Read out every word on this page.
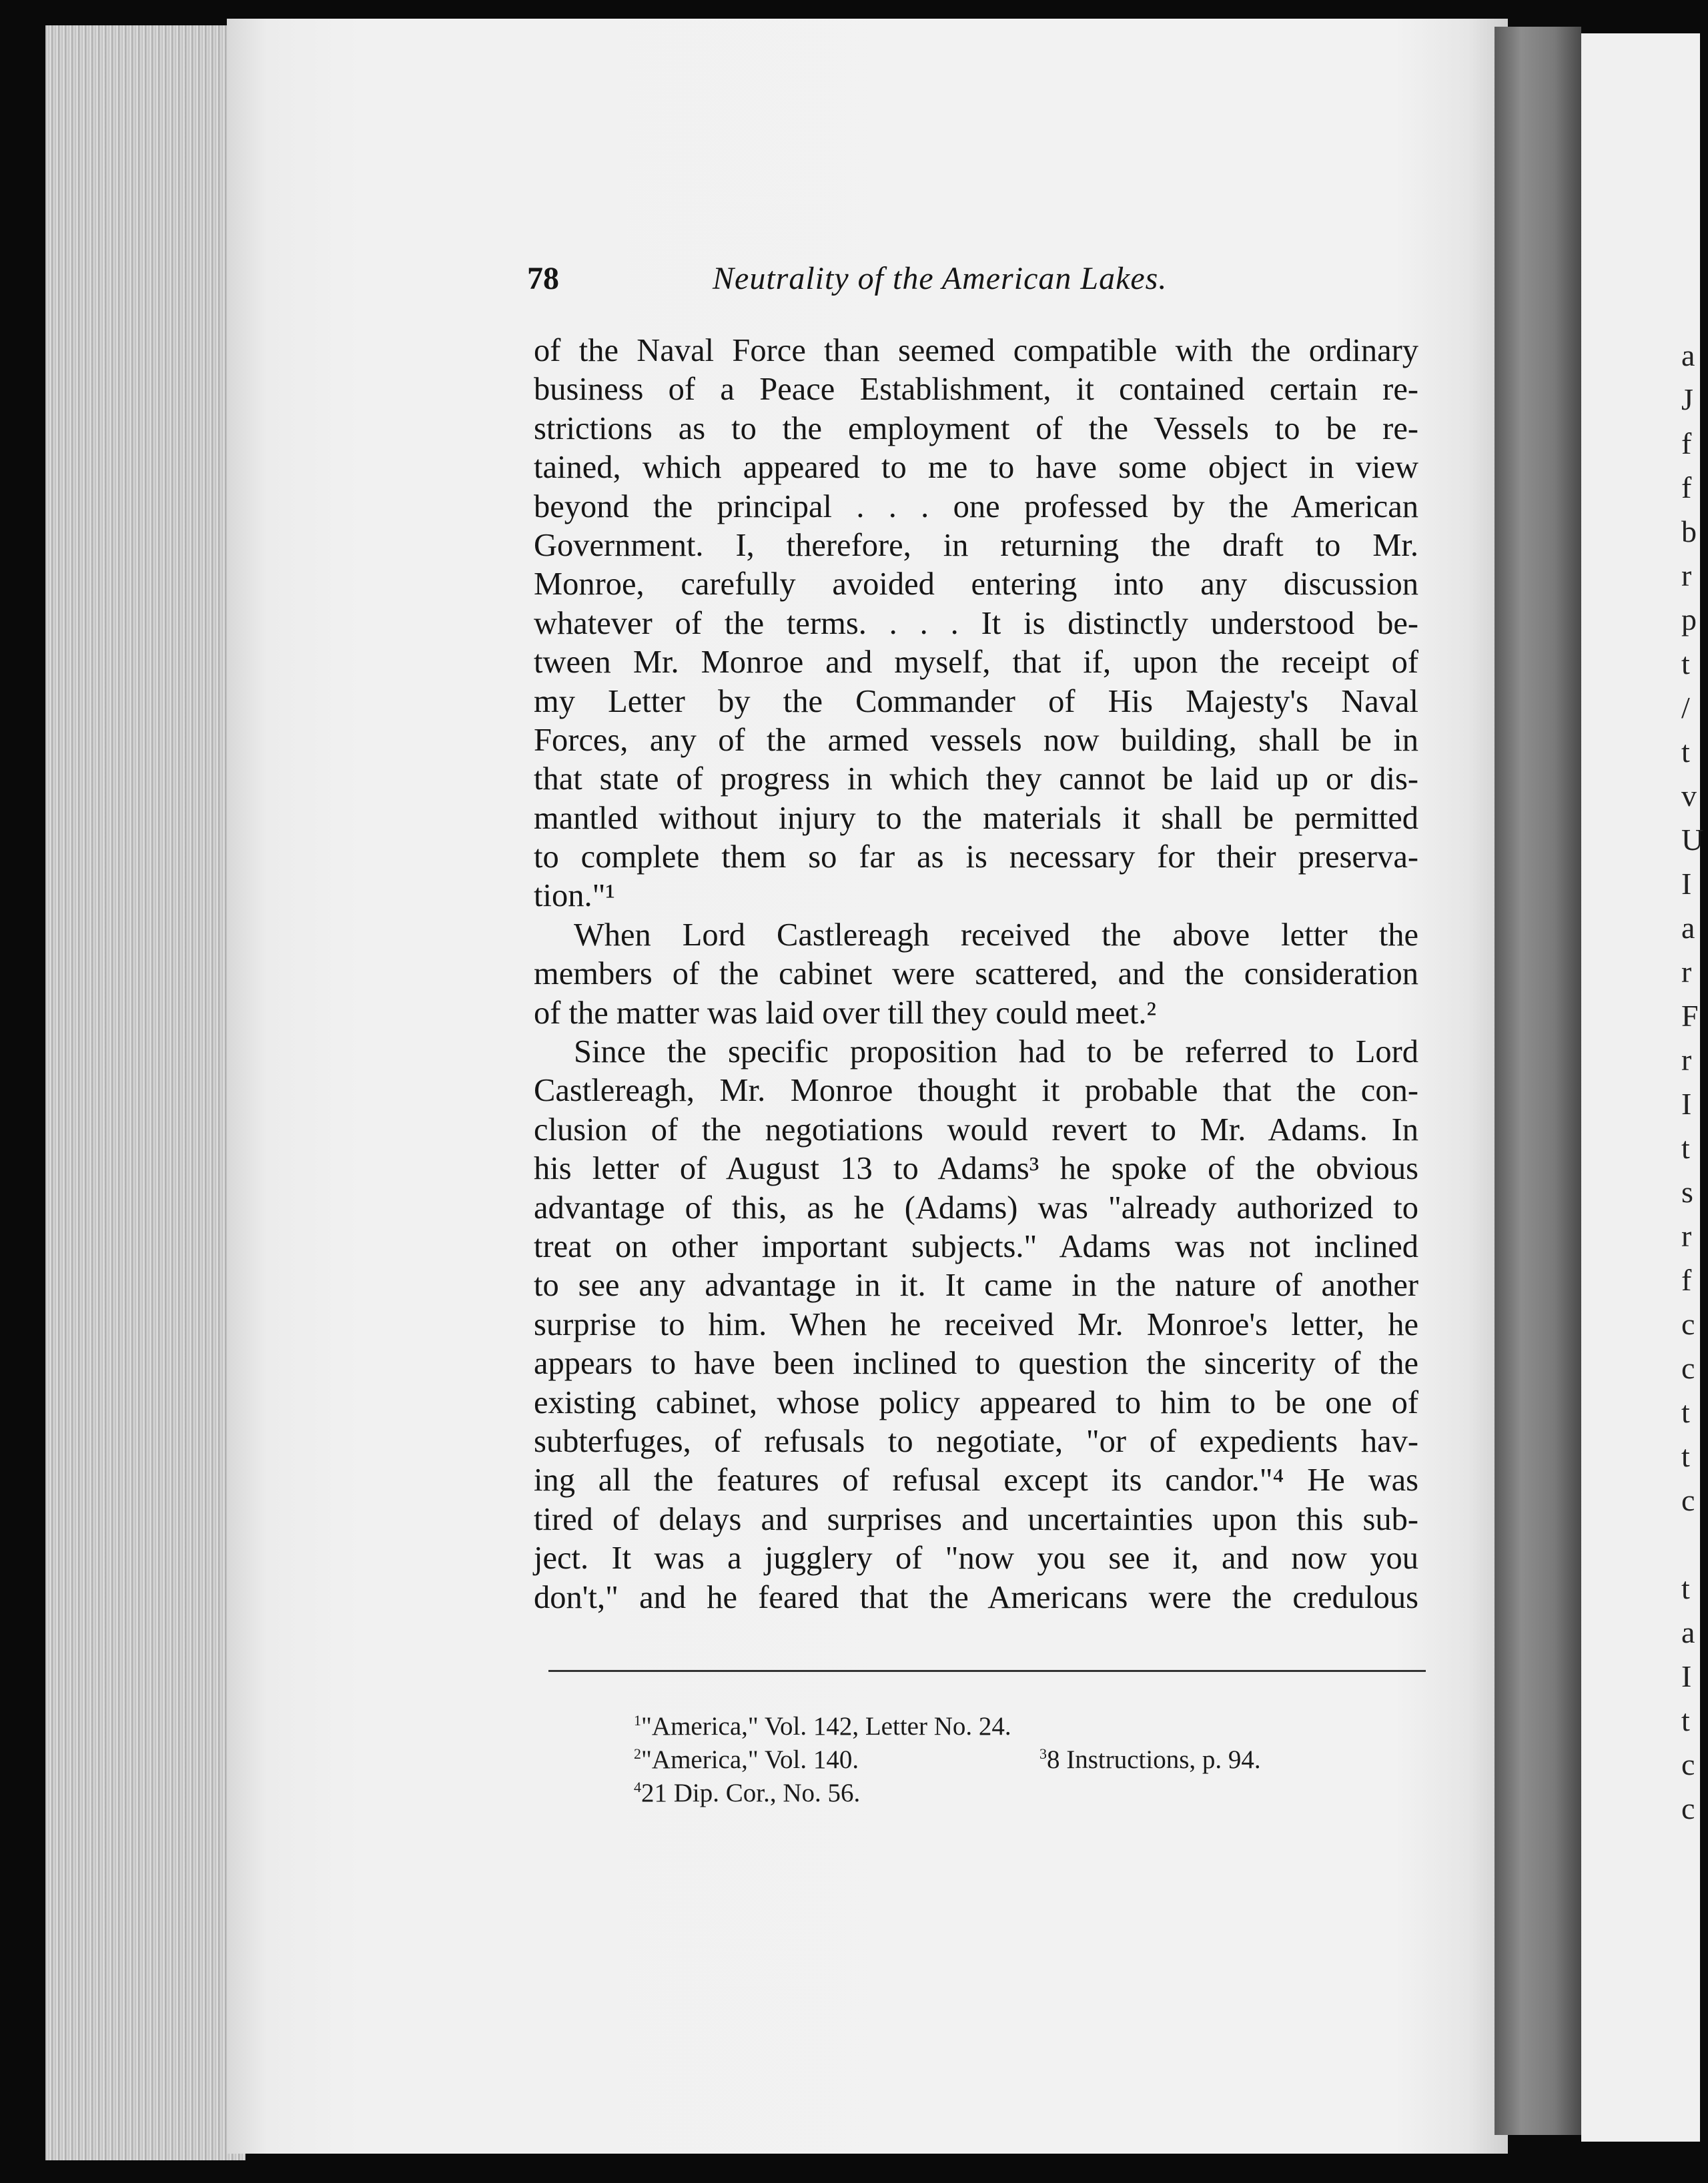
a
J
f
f
b
r
p
t
/
t
v
U
I
a
r
F
r
I
t
s
r
f
c
c
t
t
c

t
a
I
t
c
c
78	Neutrality of the American Lakes.
of the Naval Force than seemed compatible with the ordinary
business of a Peace Establishment, it contained certain re-
strictions as to the employment of the Vessels to be re-
tained, which appeared to me to have some object in view
beyond the principal . . . one professed by the American
Government. I, therefore, in returning the draft to Mr.
Monroe, carefully avoided entering into any discussion
whatever of the terms. . . . It is distinctly understood be-
tween Mr. Monroe and myself, that if, upon the receipt of
my Letter by the Commander of His Majesty's Naval
Forces, any of the armed vessels now building, shall be in
that state of progress in which they cannot be laid up or dis-
mantled without injury to the materials it shall be permitted
to complete them so far as is necessary for their preserva-
tion."¹
When Lord Castlereagh received the above letter the
members of the cabinet were scattered, and the consideration
of the matter was laid over till they could meet.²
Since the specific proposition had to be referred to Lord
Castlereagh, Mr. Monroe thought it probable that the con-
clusion of the negotiations would revert to Mr. Adams. In
his letter of August 13 to Adams³ he spoke of the obvious
advantage of this, as he (Adams) was "already authorized to
treat on other important subjects." Adams was not inclined
to see any advantage in it. It came in the nature of another
surprise to him. When he received Mr. Monroe's letter, he
appears to have been inclined to question the sincerity of the
existing cabinet, whose policy appeared to him to be one of
subterfuges, of refusals to negotiate, "or of expedients hav-
ing all the features of refusal except its candor."⁴ He was
tired of delays and surprises and uncertainties upon this sub-
ject. It was a jugglery of "now you see it, and now you
don't," and he feared that the Americans were the credulous
$^1$"America," Vol. 142, Letter No. 24.
$^2$"America," Vol. 140.	$^3$8 Instructions, p. 94.
$^4$21 Dip. Cor., No. 56.
